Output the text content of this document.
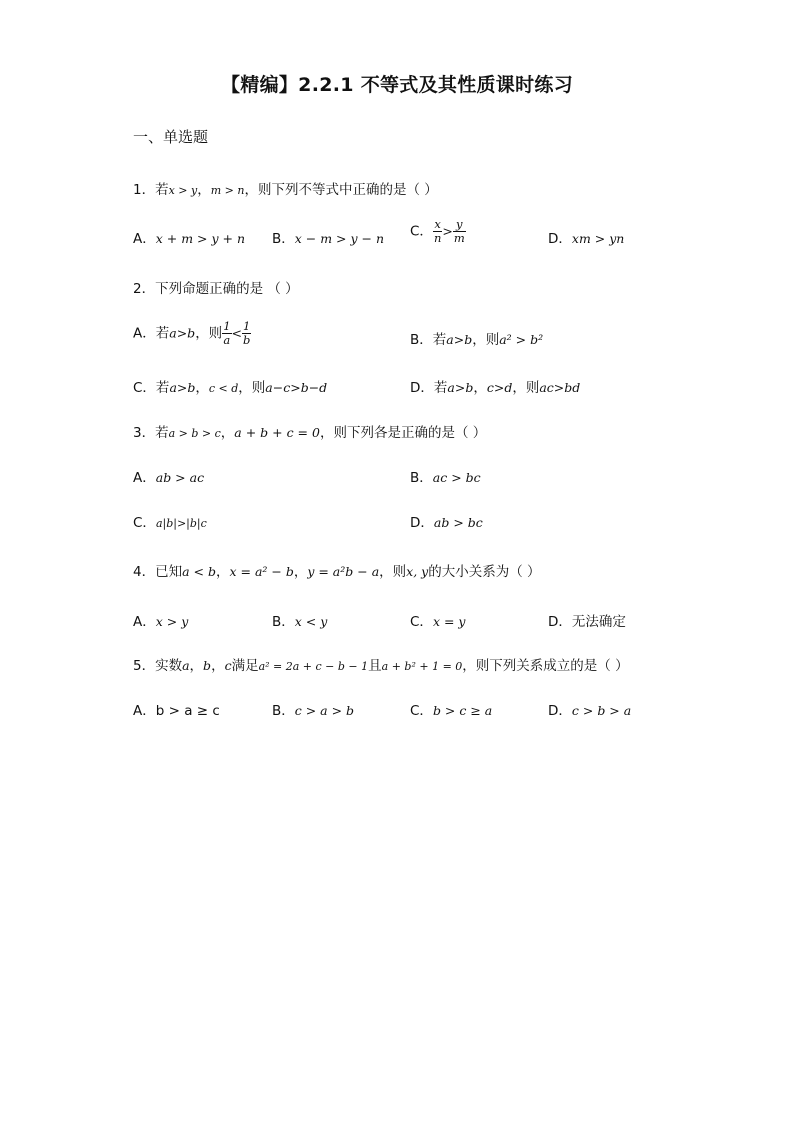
【精编】2.2.1 不等式及其性质课时练习
一、单选题
1．若x > y，m > n，则下列不等式中正确的是（ ）
A．x + m > y + n B．x − m > y − n C． $\frac{x}{n} > \frac{y}{m}$	D．xm > yn
2．下列命题正确的是 （ ）
A．若a>b，则 $\frac{1}{a} < \frac{1}{b}$	B．若a>b，则a² > b²
C．若a>b，c < d，则a−c>b−d	D．若a>b，c>d，则ac>bd
3．若a > b > c，a + b + c = 0，则下列各是正确的是（ ）
A．ab > ac	B．ac > bc
C．a|b|>|b|c	D．ab > bc
4．已知a < b，x = a² − b，y = a²b − a，则x, y的大小关系为（ ）
A．x > y	B．x < y	C．x = y	D．无法确定
5．实数a，b，c满足a² = 2a + c − b − 1且a + b² + 1 = 0，则下列关系成立的是（ ）
A．b > a ≥ c	B．c > a > b	C．b > c ≥ a	D．c > b > a
